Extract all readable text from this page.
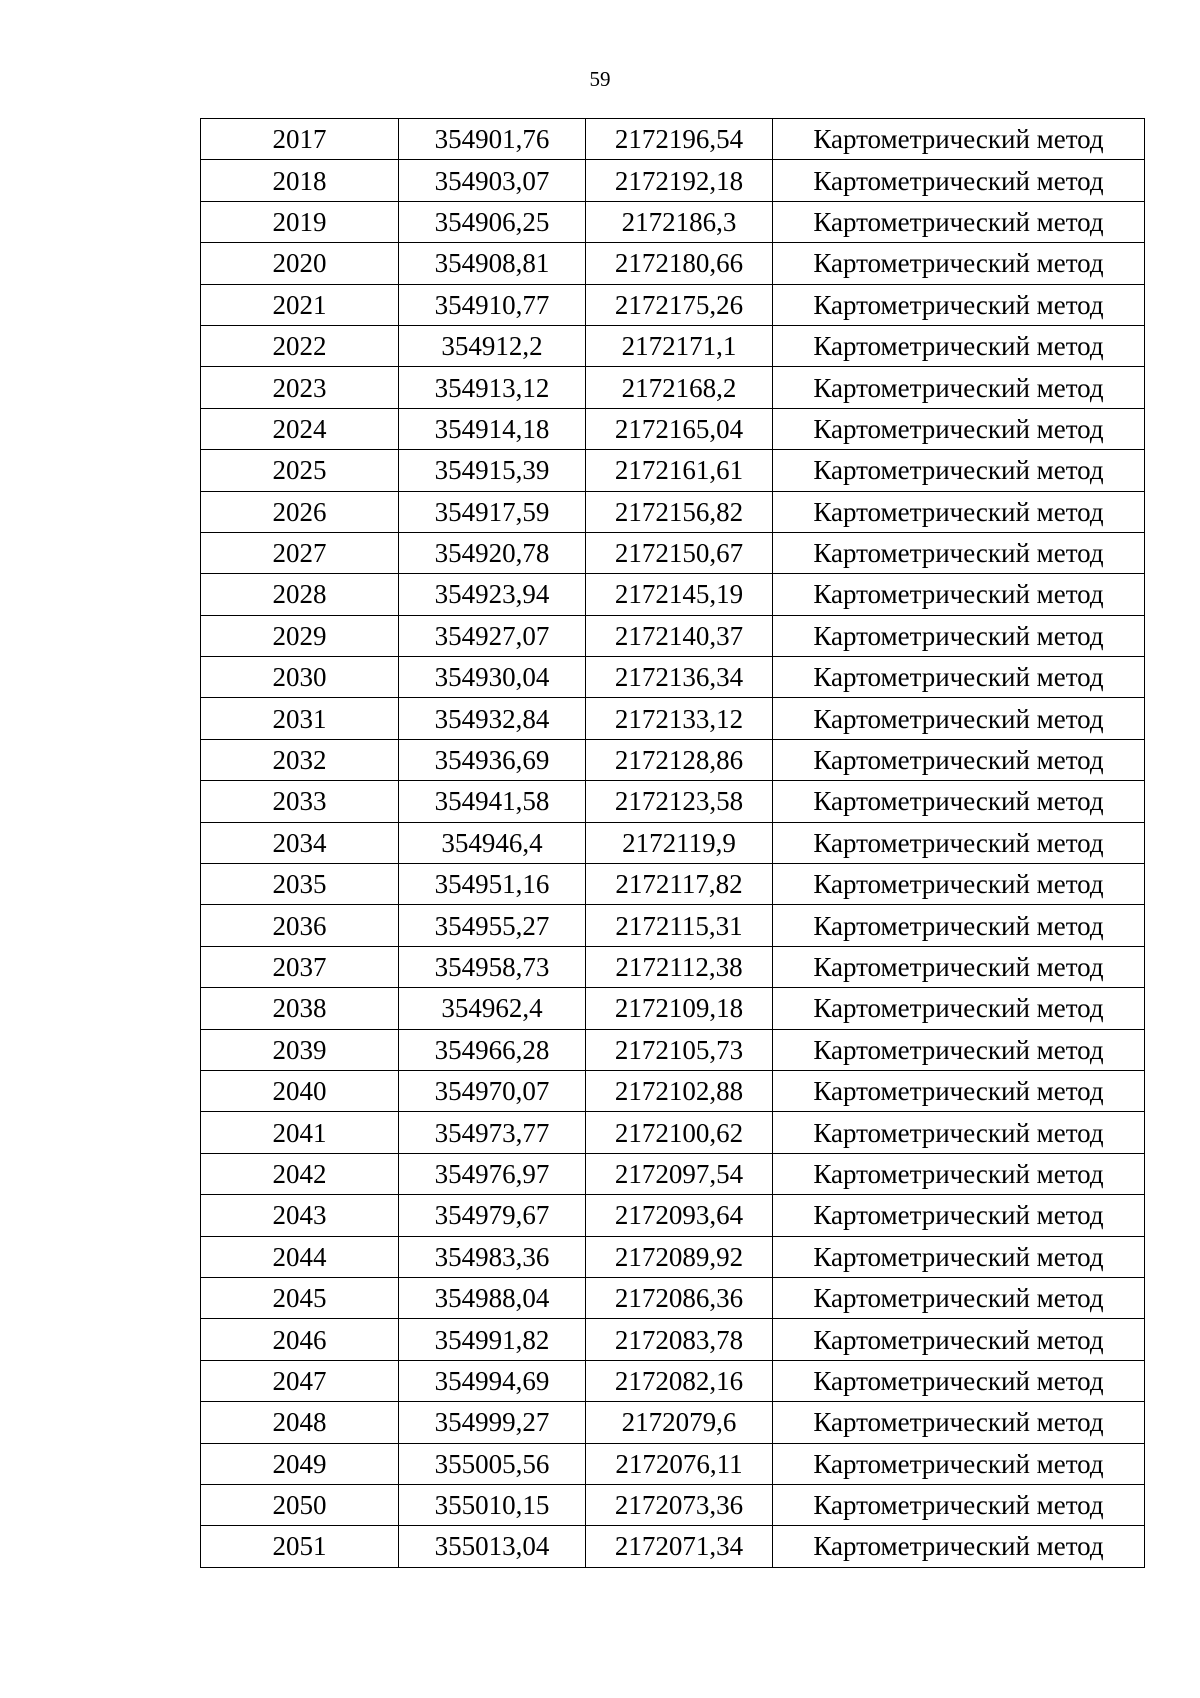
59
2017	354901,76	2172196,54	Картометрический метод
2018	354903,07	2172192,18	Картометрический метод
2019	354906,25	2172186,3	Картометрический метод
2020	354908,81	2172180,66	Картометрический метод
2021	354910,77	2172175,26	Картометрический метод
2022	354912,2	2172171,1	Картометрический метод
2023	354913,12	2172168,2	Картометрический метод
2024	354914,18	2172165,04	Картометрический метод
2025	354915,39	2172161,61	Картометрический метод
2026	354917,59	2172156,82	Картометрический метод
2027	354920,78	2172150,67	Картометрический метод
2028	354923,94	2172145,19	Картометрический метод
2029	354927,07	2172140,37	Картометрический метод
2030	354930,04	2172136,34	Картометрический метод
2031	354932,84	2172133,12	Картометрический метод
2032	354936,69	2172128,86	Картометрический метод
2033	354941,58	2172123,58	Картометрический метод
2034	354946,4	2172119,9	Картометрический метод
2035	354951,16	2172117,82	Картометрический метод
2036	354955,27	2172115,31	Картометрический метод
2037	354958,73	2172112,38	Картометрический метод
2038	354962,4	2172109,18	Картометрический метод
2039	354966,28	2172105,73	Картометрический метод
2040	354970,07	2172102,88	Картометрический метод
2041	354973,77	2172100,62	Картометрический метод
2042	354976,97	2172097,54	Картометрический метод
2043	354979,67	2172093,64	Картометрический метод
2044	354983,36	2172089,92	Картометрический метод
2045	354988,04	2172086,36	Картометрический метод
2046	354991,82	2172083,78	Картометрический метод
2047	354994,69	2172082,16	Картометрический метод
2048	354999,27	2172079,6	Картометрический метод
2049	355005,56	2172076,11	Картометрический метод
2050	355010,15	2172073,36	Картометрический метод
2051	355013,04	2172071,34	Картометрический метод
